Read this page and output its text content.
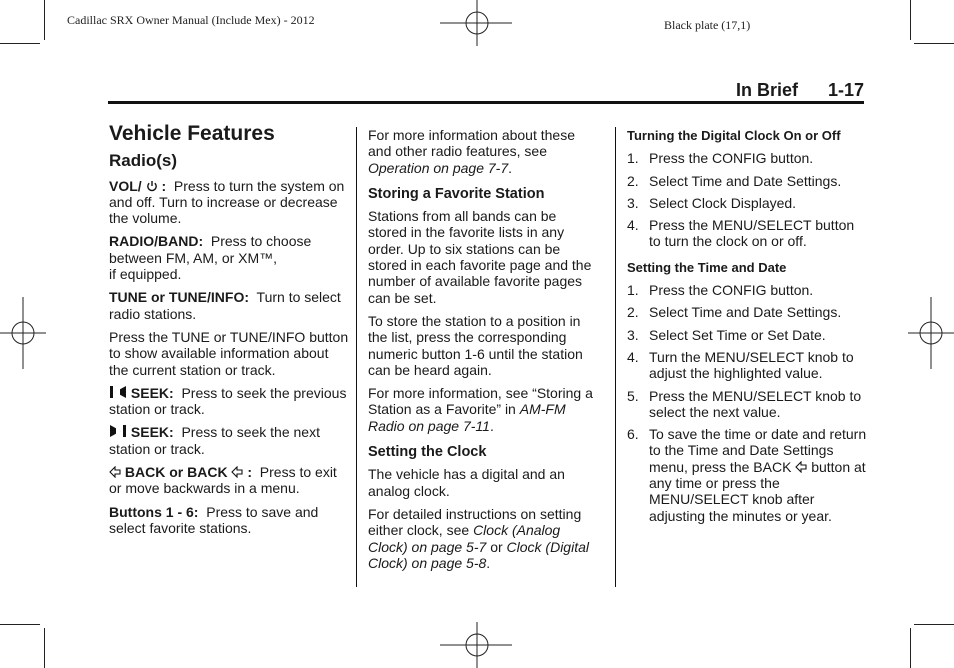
Cadillac SRX Owner Manual (Include Mex) - 2012	Black plate (17,1)
In Brief 1-17
Vehicle Features
Radio(s)

VOL/ : Press to turn the system on and off. Turn to increase or decrease the volume.

RADIO/BAND: Press to choose between FM, AM, or XM™,
if equipped.

TUNE or TUNE/INFO: Turn to select radio stations.

Press the TUNE or TUNE/INFO button to show available information about the current station or track.

SEEK: Press to seek the previous station or track.

SEEK: Press to seek the next station or track.

BACK or BACK : Press to exit or move backwards in a menu.

Buttons 1 - 6: Press to save and select favorite stations.

For more information about these and other radio features, see Operation on page 7-7.

Storing a Favorite Station

Stations from all bands can be stored in the favorite lists in any order. Up to six stations can be stored in each favorite page and the number of available favorite pages can be set.

To store the station to a position in the list, press the corresponding numeric button 1-6 until the station can be heard again.

For more information, see “Storing a Station as a Favorite” in AM-FM Radio on page 7-11.

Setting the Clock

The vehicle has a digital and an analog clock.

For detailed instructions on setting either clock, see Clock (Analog Clock) on page 5-7 or Clock (Digital Clock) on page 5-8.

Turning the Digital Clock On or Off
1. Press the CONFIG button.
2. Select Time and Date Settings.
3. Select Clock Displayed.
4. Press the MENU/SELECT button to turn the clock on or off.
Setting the Time and Date
1. Press the CONFIG button.
2. Select Time and Date Settings.
3. Select Set Time or Set Date.
4. Turn the MENU/SELECT knob to adjust the highlighted value.
5. Press the MENU/SELECT knob to select the next value.
6. To save the time or date and return to the Time and Date Settings menu, press the BACK button at any time or press the MENU/SELECT knob after adjusting the minutes or year.
